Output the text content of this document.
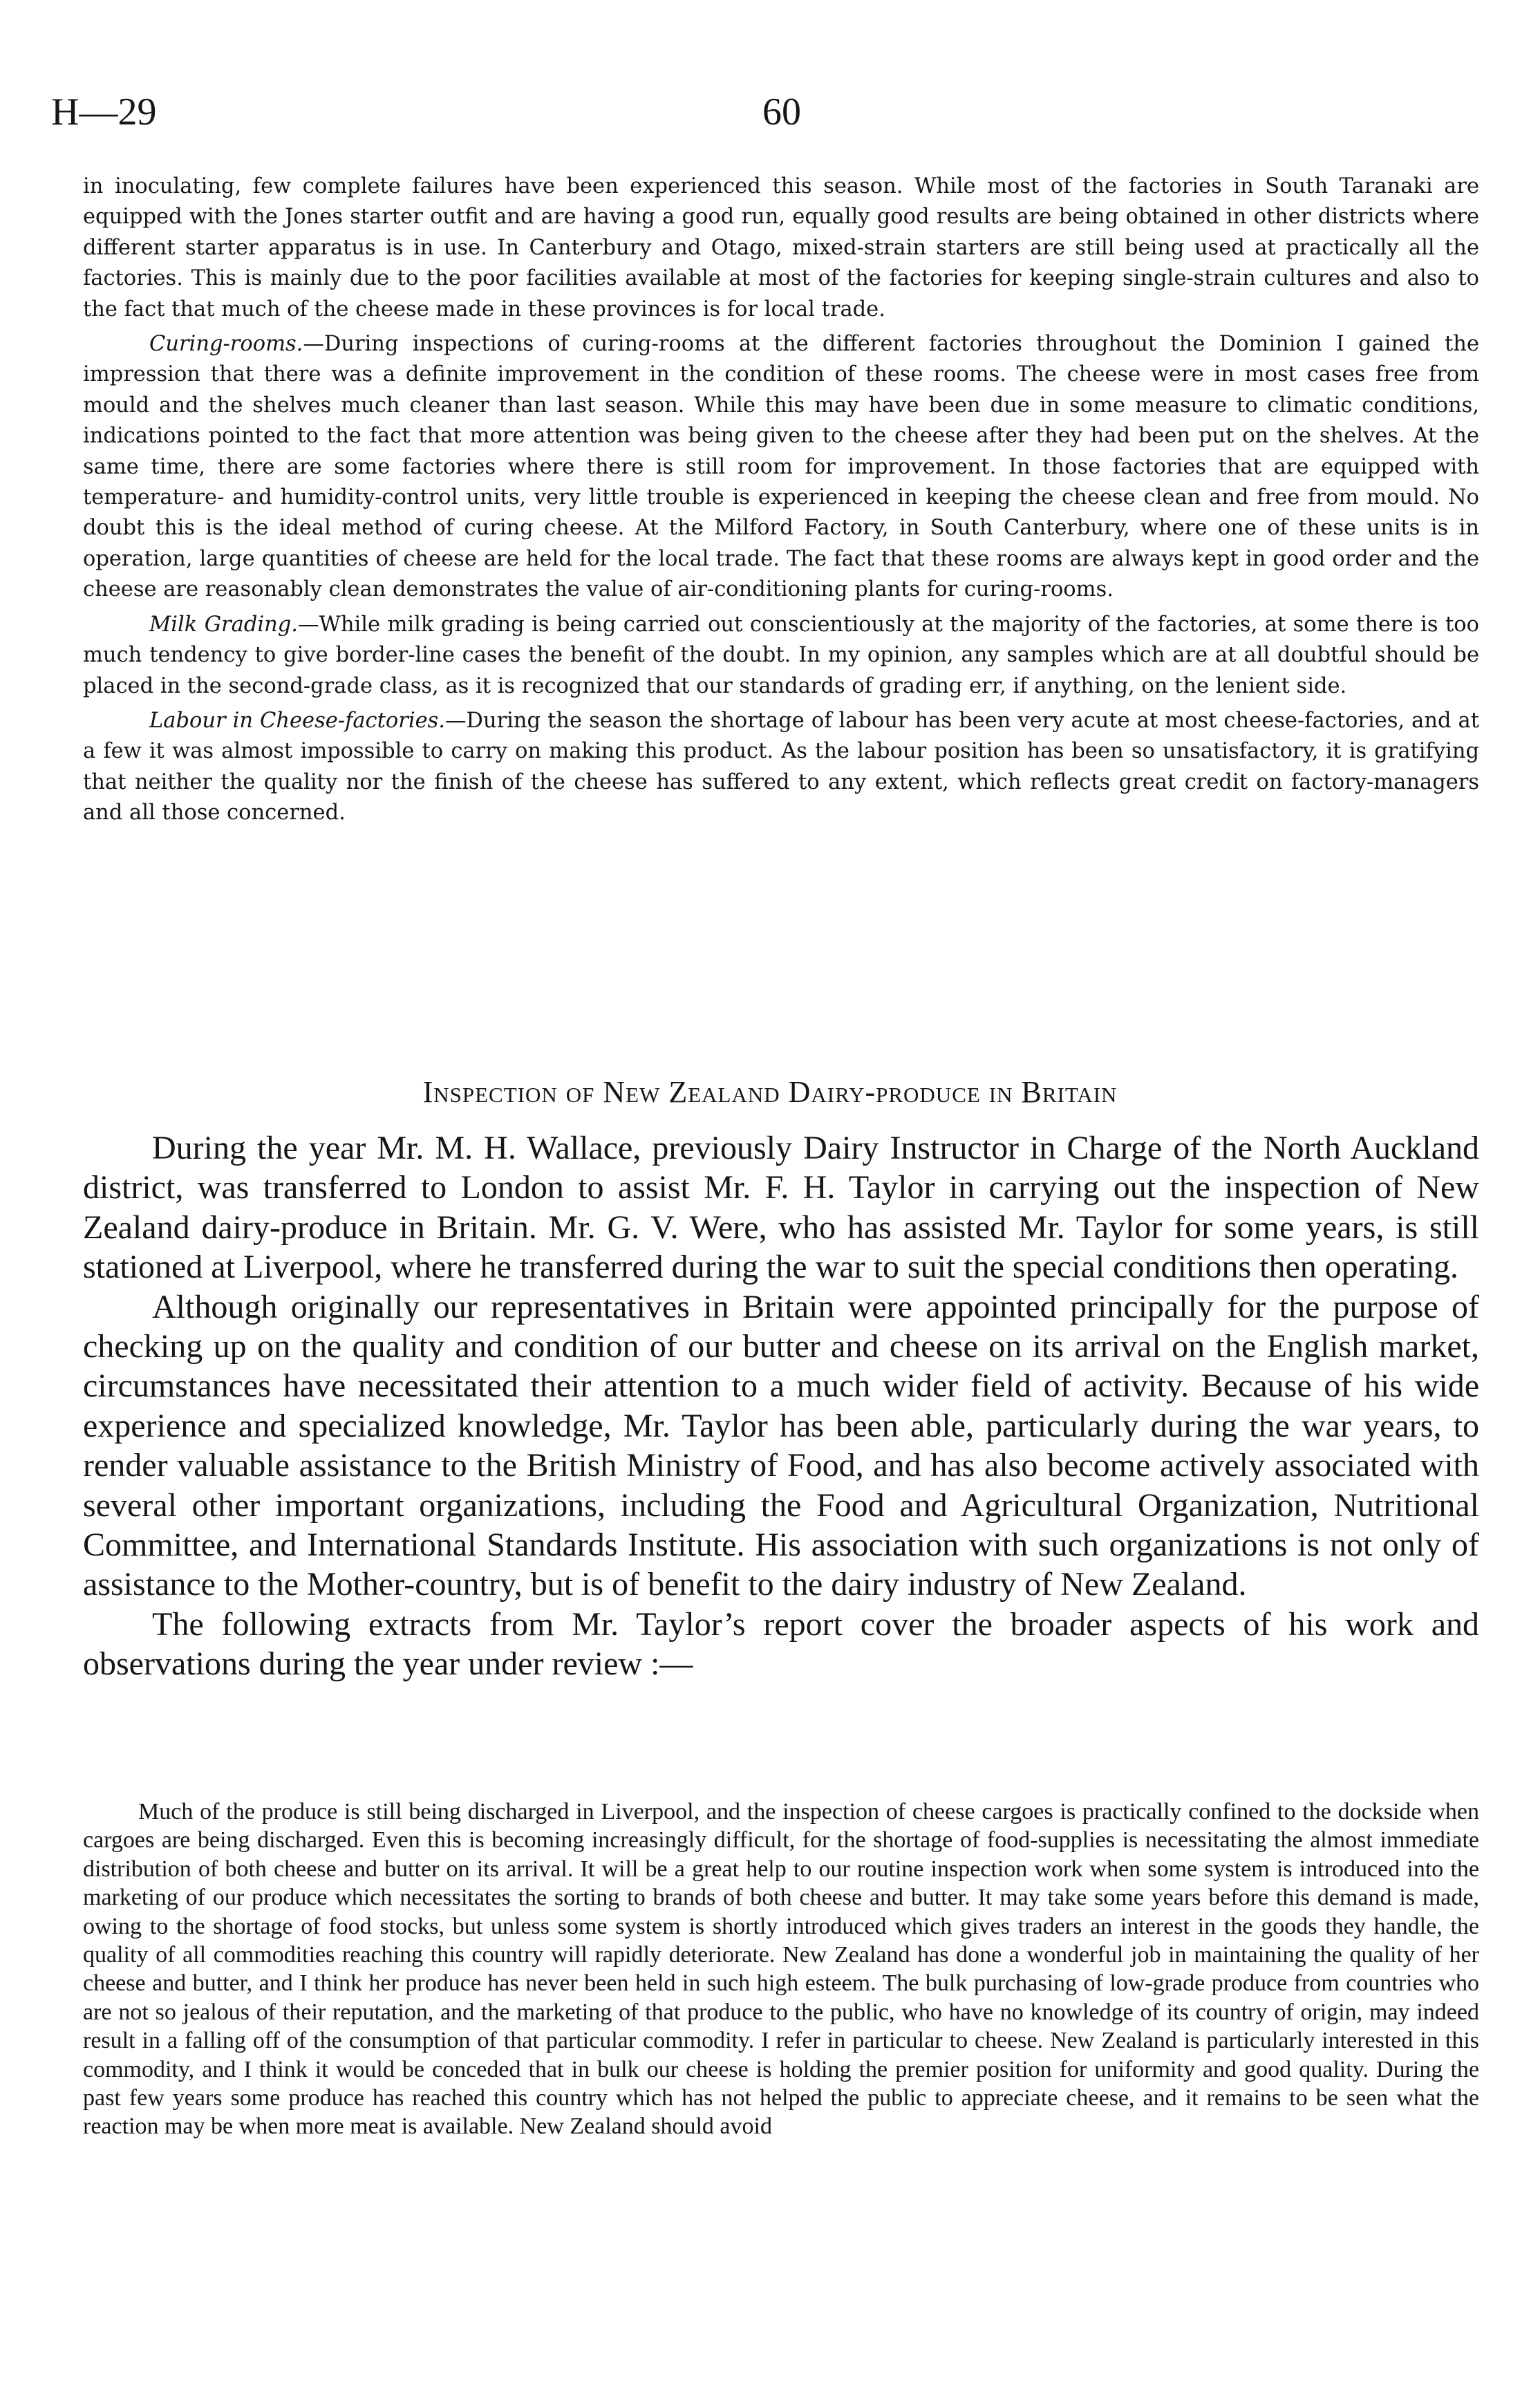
H—29	60

in inoculating, few complete failures have been experienced this season. While most of the factories in South Taranaki are equipped with the Jones starter outfit and are having a good run, equally good results are being obtained in other districts where different starter apparatus is in use. In Canterbury and Otago, mixed-strain starters are still being used at practically all the factories. This is mainly due to the poor facilities available at most of the factories for keeping single-strain cultures and also to the fact that much of the cheese made in these provinces is for local trade.

Curing-rooms.—During inspections of curing-rooms at the different factories throughout the Dominion I gained the impression that there was a definite improvement in the condition of these rooms. The cheese were in most cases free from mould and the shelves much cleaner than last season. While this may have been due in some measure to climatic conditions, indications pointed to the fact that more attention was being given to the cheese after they had been put on the shelves. At the same time, there are some factories where there is still room for improvement. In those factories that are equipped with temperature- and humidity-control units, very little trouble is experienced in keeping the cheese clean and free from mould. No doubt this is the ideal method of curing cheese. At the Milford Factory, in South Canterbury, where one of these units is in operation, large quantities of cheese are held for the local trade. The fact that these rooms are always kept in good order and the cheese are reasonably clean demonstrates the value of air-conditioning plants for curing-rooms.

Milk Grading.—While milk grading is being carried out conscientiously at the majority of the factories, at some there is too much tendency to give border-line cases the benefit of the doubt. In my opinion, any samples which are at all doubtful should be placed in the second-grade class, as it is recognized that our standards of grading err, if anything, on the lenient side.

Labour in Cheese-factories.—During the season the shortage of labour has been very acute at most cheese-factories, and at a few it was almost impossible to carry on making this product. As the labour position has been so unsatisfactory, it is gratifying that neither the quality nor the finish of the cheese has suffered to any extent, which reflects great credit on factory-managers and all those concerned.

Inspection of New Zealand Dairy-produce in Britain

During the year Mr. M. H. Wallace, previously Dairy Instructor in Charge of the North Auckland district, was transferred to London to assist Mr. F. H. Taylor in carrying out the inspection of New Zealand dairy-produce in Britain. Mr. G. V. Were, who has assisted Mr. Taylor for some years, is still stationed at Liverpool, where he transferred during the war to suit the special conditions then operating.

Although originally our representatives in Britain were appointed principally for the purpose of checking up on the quality and condition of our butter and cheese on its arrival on the English market, circumstances have necessitated their attention to a much wider field of activity. Because of his wide experience and specialized knowledge, Mr. Taylor has been able, particularly during the war years, to render valuable assistance to the British Ministry of Food, and has also become actively associated with several other important organizations, including the Food and Agricultural Organization, Nutritional Committee, and International Standards Institute. His association with such organizations is not only of assistance to the Mother-country, but is of benefit to the dairy industry of New Zealand.

The following extracts from Mr. Taylor’s report cover the broader aspects of his work and observations during the year under review :—

Much of the produce is still being discharged in Liverpool, and the inspection of cheese cargoes is practically confined to the dockside when cargoes are being discharged. Even this is becoming increasingly difficult, for the shortage of food-supplies is necessitating the almost immediate distribution of both cheese and butter on its arrival. It will be a great help to our routine inspection work when some system is introduced into the marketing of our produce which necessitates the sorting to brands of both cheese and butter. It may take some years before this demand is made, owing to the shortage of food stocks, but unless some system is shortly introduced which gives traders an interest in the goods they handle, the quality of all commodities reaching this country will rapidly deteriorate. New Zealand has done a wonderful job in maintaining the quality of her cheese and butter, and I think her produce has never been held in such high esteem. The bulk purchasing of low-grade produce from countries who are not so jealous of their reputation, and the marketing of that produce to the public, who have no knowledge of its country of origin, may indeed result in a falling off of the consumption of that particular commodity. I refer in particular to cheese. New Zealand is particularly interested in this commodity, and I think it would be conceded that in bulk our cheese is holding the premier position for uniformity and good quality. During the past few years some produce has reached this country which has not helped the public to appreciate cheese, and it remains to be seen what the reaction may be when more meat is available. New Zealand should avoid
